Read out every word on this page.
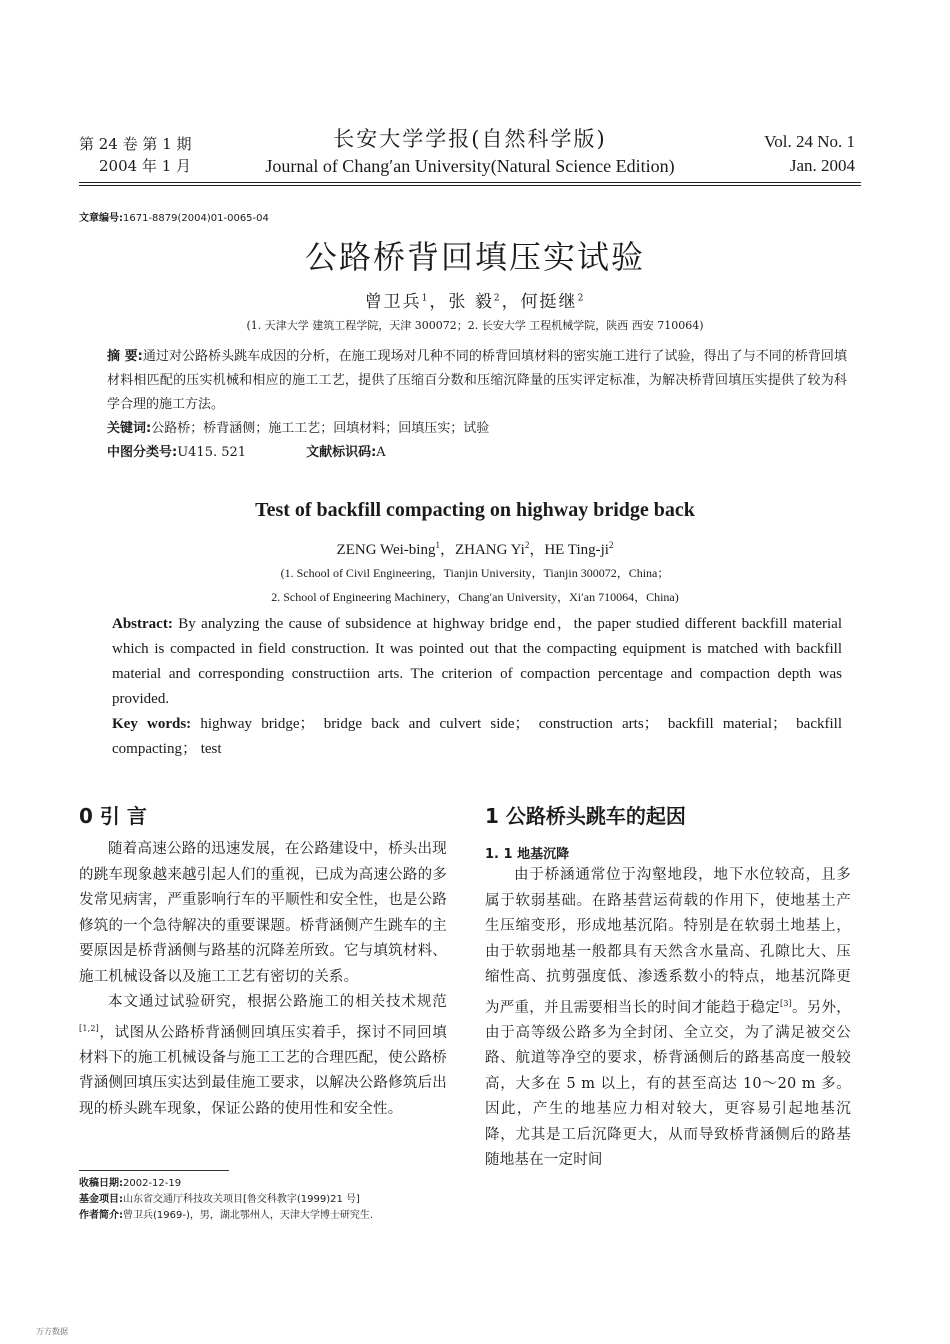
第 24 卷 第 1 期
2004 年 1 月
长安大学学报(自然科学版)
Journal of Chang′an University(Natural Science Edition)
Vol. 24 No. 1
Jan. 2004
文章编号:1671-8879(2004)01-0065-04
公路桥背回填压实试验
曾卫兵$^1$，张 毅$^2$，何挺继$^2$
(1. 天津大学 建筑工程学院，天津 300072；2. 长安大学 工程机械学院，陕西 西安 710064)
摘 要:通过对公路桥头跳车成因的分析，在施工现场对几种不同的桥背回填材料的密实施工进行了试验，得出了与不同的桥背回填材料相匹配的压实机械和相应的施工工艺，提供了压缩百分数和压缩沉降量的压实评定标准，为解决桥背回填压实提供了较为科学合理的施工方法。
关键词:公路桥；桥背涵侧；施工工艺；回填材料；回填压实；试验
中图分类号:U415. 521	文献标识码:A
Test of backfill compacting on highway bridge back
ZENG Wei-bing$^1$，ZHANG Yi$^2$，HE Ting-$ji^2$
(1. School of Civil Engineering，Tianjin University，Tianjin 300072，China；
2. School of Engineering Machinery，Chang′an University，Xi′an 710064，China)
Abstract: By analyzing the cause of subsidence at highway bridge end，the paper studied different backfill material which is compacted in field construction. It was pointed out that the compacting equipment is matched with backfill material and corresponding constructiion arts. The criterion of compaction percentage and compaction depth was provided.
Key words: highway bridge； bridge back and culvert side； construction arts； backfill material； backfill compacting； test
0 引 言	1 公路桥头跳车的起因
1. 1 地基沉降

随着高速公路的迅速发展，在公路建设中，桥头出现的跳车现象越来越引起人们的重视，已成为高速公路的多发常见病害，严重影响行车的平顺性和安全性，也是公路修筑的一个急待解决的重要课题。桥背涵侧产生跳车的主要原因是桥背涵侧与路基的沉降差所致。它与填筑材料、施工机械设备以及施工工艺有密切的关系。

本文通过试验研究，根据公路施工的相关技术规范[1,2]，试图从公路桥背涵侧回填压实着手，探讨不同回填材料下的施工机械设备与施工工艺的合理匹配，使公路桥背涵侧回填压实达到最佳施工要求，以解决公路修筑后出现的桥头跳车现象，保证公路的使用性和安全性。

由于桥涵通常位于沟壑地段，地下水位较高，且多属于软弱基础。在路基营运荷载的作用下，使地基土产生压缩变形，形成地基沉陷。特别是在软弱土地基上，由于软弱地基一般都具有天然含水量高、孔隙比大、压缩性高、抗剪强度低、渗透系数小的特点，地基沉降更为严重，并且需要相当长的时间才能趋于稳定[3]。另外，由于高等级公路多为全封闭、全立交，为了满足被交公路、航道等净空的要求，桥背涵侧后的路基高度一般较高，大多在 5 m 以上，有的甚至高达 10～20 m 多。因此，产生的地基应力相对较大，更容易引起地基沉降，尤其是工后沉降更大，从而导致桥背涵侧后的路基随地基在一定时间

收稿日期:2002-12-19
基金项目:山东省交通厅科技攻关项目[鲁交科教字(1999)21 号]
作者简介:曾卫兵(1969-)，男，湖北鄂州人，天津大学博士研究生.
万方数据
